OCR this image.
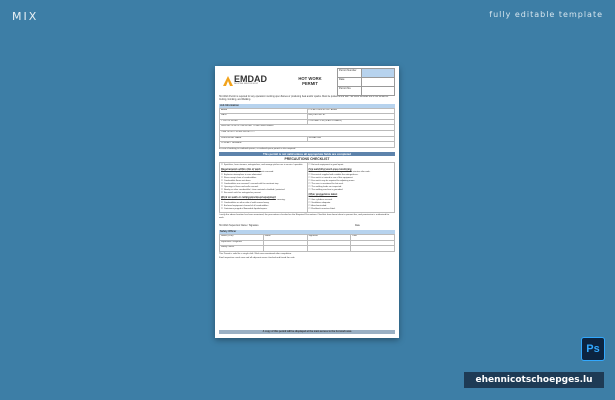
MIX	fully editable template
EMDAD
INDUSTRIAL SERVICES GROUP
HOT WORK PERMIT
Permit Number	
Date	
Permit No.	
Hot Work Permit is required for any operation involving open flames or producing heat and/or sparks. Must be posted at the site. Hot Work includes but is not limited to: Cutting, Grinding, and Welding.
Job Information
AREA	LOCATION/SPECIFIC AREA
DATE	REQUESTED BY
TYPE OF WORK	CONTRACTOR (IF APPLICABLE)
DESCRIPTION OF THE WORK TO BE PERFORMED	
TIME OF HOT WORK FROM / TO	
PERSONNEL NAME	SIGNATURE
CONTACT NUMBER	
In case of working in confined spaces, a confined space permit is also required.
This permit is not valid unless all appropriate fields are completed
PRECAUTIONS CHECKLIST
☐ Sprinklers, hose streams, extinguishers, and sewage pitches are in service / operable.
Requirements within 11m of work
☐ Flammable liquids, dust, lint and oil deposits removed.
☐ Explosive atmosphere in area eliminated.
☐ Floors swept clean of combustibles.
☐ Combustible floors wet down.
☐ Combustibles are removed / covered with fire-resistant tarp.
☐ Openings in floors and walls covered.
☐ Nearby or other combustible / clean materials shielded / protected.
☐ Fire-watch with fire extinguisher present.
Work on walls or ceilings/enclosed equipment
☐ Construction is non-combustible and without combustible covering.
☐ Combustibles on other side of walls moved away.
☐ Enclosed equipment cleaned of all combustibles.
☐ Containers purged of flammable liquids/vapors.
☐ Hot work equipment in good repair.
Fire watch/hot work area monitoring
☐ Fire watch will be provided during and for 30 minutes after work.
☐ Fire-watch supplied with suitable fire extinguishers.
☐ Fire watch is trained in use of this equipment.
☐ Fire watch may be required for adjoining areas.
☐ The area is monitored for hot work.
☐ The welding leads are inspected.
☐ The welding machine is grounded.
Other precautions taken
☐ Suitable PPE worn.
☐ Gas cylinders secured.
☐ Ventilation adequate.
☐ Area barricaded.
☐ Flashback arrestors fitted.
I verify the above location has been examined, the precautions checked on the Required Precautions Checklist have been taken to prevent fire, and permission is authorized for work.
Hot Work Supervisor Name / Signature	Date
Safety Officer
Name (Print)	Name	Signature	Date
Supervisor / Engineer			
Safety Officer			
This Permit is valid for a single shift. Work area monitored after completion.
Final inspection: work area and all adjacent areas checked and found fire safe.
A copy of this permit will be displayed at the main access to the hot work area
Ps
ehennicotschoepges.lu
